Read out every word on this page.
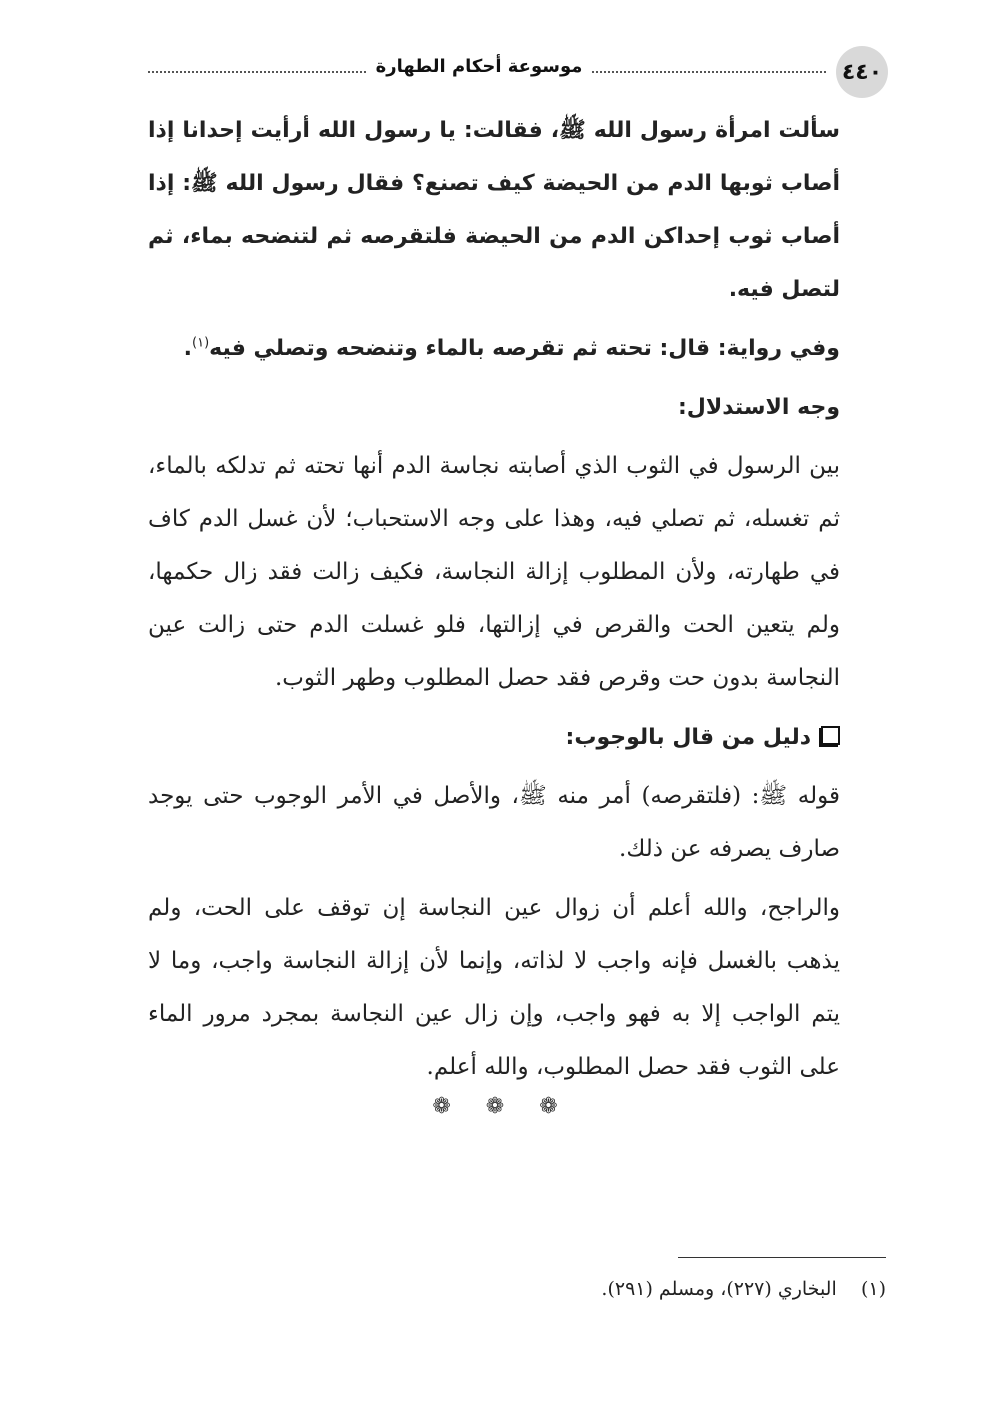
٤٤٠
موسوعة أحكام الطهارة

سألت امرأة رسول الله ﷺ، فقالت: يا رسول الله أرأيت إحدانا إذا أصاب ثوبها الدم من الحيضة كيف تصنع؟ فقال رسول الله ﷺ: إذا أصاب ثوب إحداكن الدم من الحيضة فلتقرصه ثم لتنضحه بماء، ثم لتصل فيه.

وفي رواية: قال: تحته ثم تقرصه بالماء وتنضحه وتصلي فيه$^{(١)}$.

وجه الاستدلال:

بين الرسول في الثوب الذي أصابته نجاسة الدم أنها تحته ثم تدلكه بالماء، ثم تغسله، ثم تصلي فيه، وهذا على وجه الاستحباب؛ لأن غسل الدم كاف في طهارته، ولأن المطلوب إزالة النجاسة، فكيف زالت فقد زال حكمها، ولم يتعين الحت والقرص في إزالتها، فلو غسلت الدم حتى زالت عين النجاسة بدون حت وقرص فقد حصل المطلوب وطهر الثوب.

دليل من قال بالوجوب:

قوله ﷺ: (فلتقرصه) أمر منه ﷺ، والأصل في الأمر الوجوب حتى يوجد صارف يصرفه عن ذلك.

والراجح، والله أعلم أن زوال عين النجاسة إن توقف على الحت، ولم يذهب بالغسل فإنه واجب لا لذاته، وإنما لأن إزالة النجاسة واجب، وما لا يتم الواجب إلا به فهو واجب، وإن زال عين النجاسة بمجرد مرور الماء على الثوب فقد حصل المطلوب، والله أعلم.

❁ ❁ ❁
(١)    البخاري (٢٢٧)، ومسلم (٢٩١).
